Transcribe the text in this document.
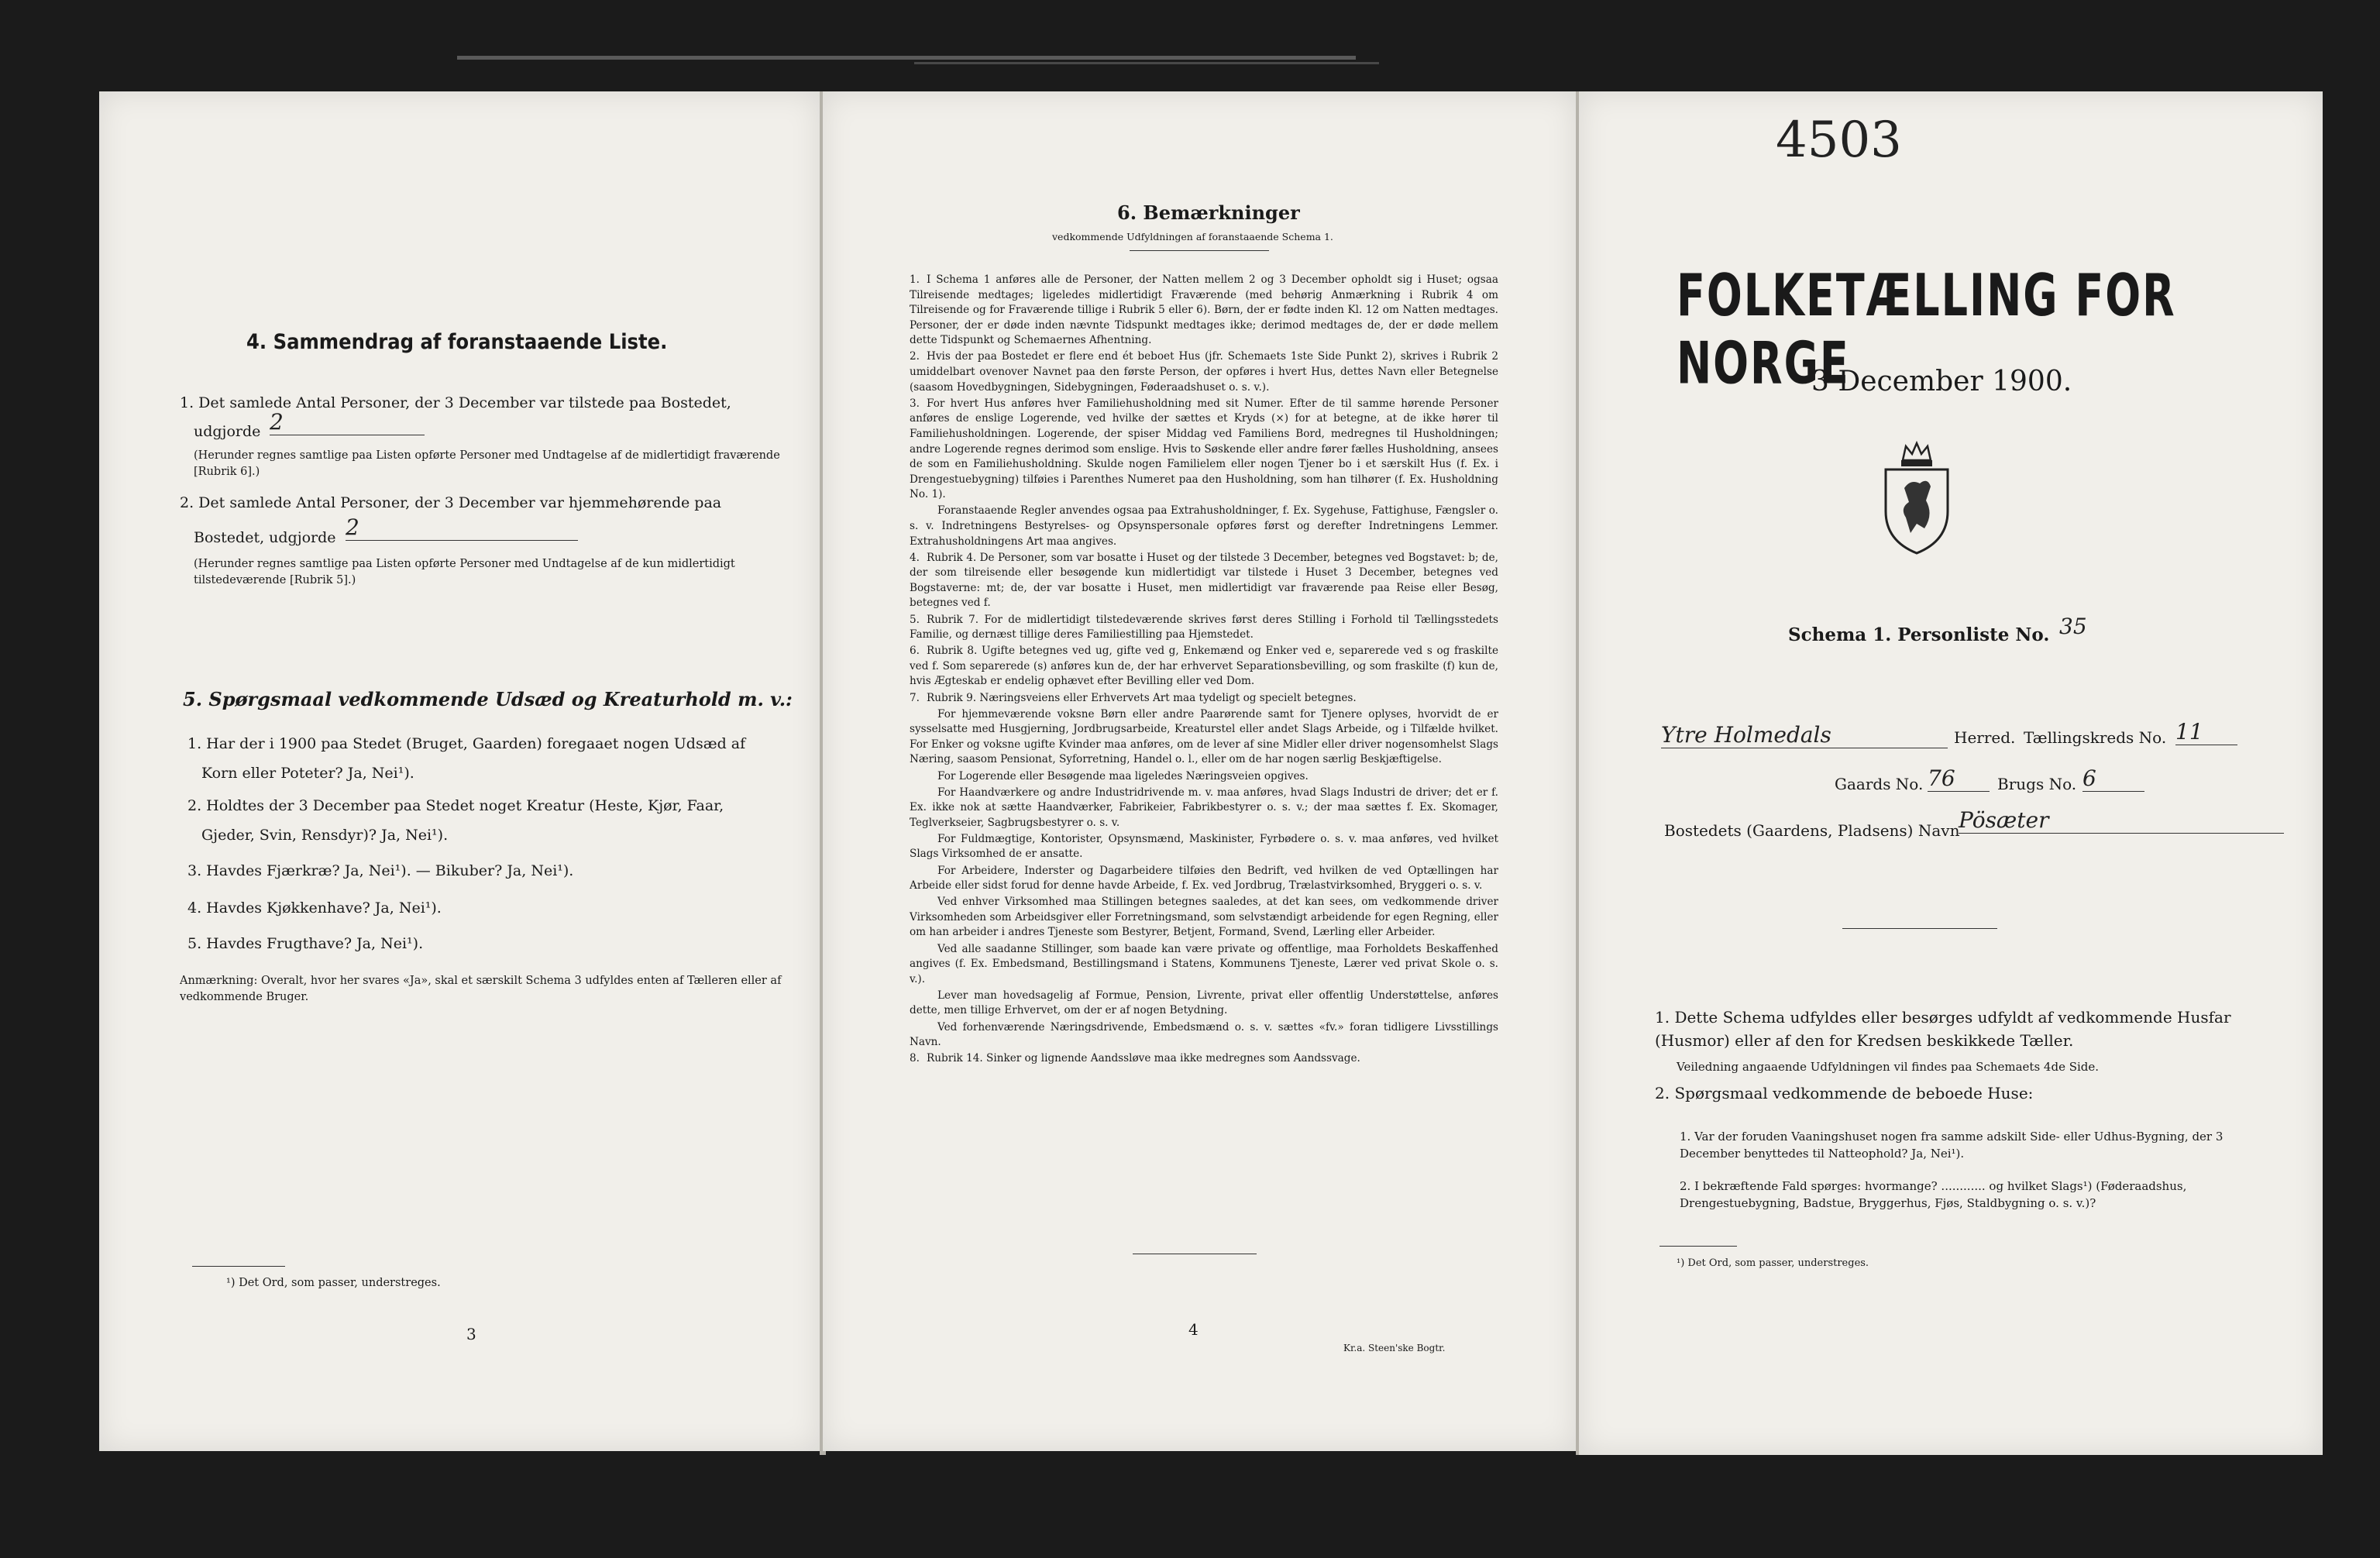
4. Sammendrag af foranstaaende Liste.
1. Det samlede Antal Personer, der 3 December var tilstede paa Bostedet,
udgjorde 2
(Herunder regnes samtlige paa Listen opførte Personer med Undtagelse af de midlertidigt fraværende [Rubrik 6].)
2. Det samlede Antal Personer, der 3 December var hjemmehørende paa
Bostedet, udgjorde 2
(Herunder regnes samtlige paa Listen opførte Personer med Undtagelse af de kun midlertidigt tilstedeværende [Rubrik 5].)
5. Spørgsmaal vedkommende Udsæd og Kreaturhold m. v.:
1. Har der i 1900 paa Stedet (Bruget, Gaarden) foregaaet nogen Udsæd af
Korn eller Poteter? Ja, Nei¹).
2. Holdtes der 3 December paa Stedet noget Kreatur (Heste, Kjør, Faar,
Gjeder, Svin, Rensdyr)? Ja, Nei¹).
3. Havdes Fjærkræ? Ja, Nei¹). — Bikuber? Ja, Nei¹).
4. Havdes Kjøkkenhave? Ja, Nei¹).
5. Havdes Frugthave? Ja, Nei¹).
Anmærkning: Overalt, hvor her svares «Ja», skal et særskilt Schema 3 udfyldes enten af Tælleren eller af vedkommende Bruger.
¹) Det Ord, som passer, understreges.
3
6. Bemærkninger
vedkommende Udfyldningen af foranstaaende Schema 1.

1. I Schema 1 anføres alle de Personer, der Natten mellem 2 og 3 December opholdt sig i Huset; ogsaa Tilreisende medtages; ligeledes midlertidigt Fraværende (med behørig Anmærkning i Rubrik 4 om Tilreisende og for Fraværende tillige i Rubrik 5 eller 6). Børn, der er fødte inden Kl. 12 om Natten medtages. Personer, der er døde inden nævnte Tidspunkt medtages ikke; derimod medtages de, der er døde mellem dette Tidspunkt og Schemaernes Afhentning.

2. Hvis der paa Bostedet er flere end ét beboet Hus (jfr. Schemaets 1ste Side Punkt 2), skrives i Rubrik 2 umiddelbart ovenover Navnet paa den første Person, der opføres i hvert Hus, dettes Navn eller Betegnelse (saasom Hovedbygningen, Sidebygningen, Føderaadshuset o. s. v.).

3. For hvert Hus anføres hver Familiehusholdning med sit Numer. Efter de til samme hørende Personer anføres de enslige Logerende, ved hvilke der sættes et Kryds (×) for at betegne, at de ikke hører til Familiehusholdningen. Logerende, der spiser Middag ved Familiens Bord, medregnes til Husholdningen; andre Logerende regnes derimod som enslige. Hvis to Søskende eller andre fører fælles Husholdning, ansees de som en Familiehusholdning. Skulde nogen Familielem eller nogen Tjener bo i et særskilt Hus (f. Ex. i Drengestuebygning) tilføies i Parenthes Numeret paa den Husholdning, som han tilhører (f. Ex. Husholdning No. 1).

Foranstaaende Regler anvendes ogsaa paa Extrahusholdninger, f. Ex. Sygehuse, Fattighuse, Fængsler o. s. v. Indretningens Bestyrelses- og Opsynspersonale opføres først og derefter Indretningens Lemmer. Extrahusholdningens Art maa angives.

4. Rubrik 4. De Personer, som var bosatte i Huset og der tilstede 3 December, betegnes ved Bogstavet: b; de, der som tilreisende eller besøgende kun midlertidigt var tilstede i Huset 3 December, betegnes ved Bogstaverne: mt; de, der var bosatte i Huset, men midlertidigt var fraværende paa Reise eller Besøg, betegnes ved f.

5. Rubrik 7. For de midlertidigt tilstedeværende skrives først deres Stilling i Forhold til Tællingsstedets Familie, og dernæst tillige deres Familiestilling paa Hjemstedet.

6. Rubrik 8. Ugifte betegnes ved ug, gifte ved g, Enkemænd og Enker ved e, separerede ved s og fraskilte ved f. Som separerede (s) anføres kun de, der har erhvervet Separationsbevilling, og som fraskilte (f) kun de, hvis Ægteskab er endelig ophævet efter Bevilling eller ved Dom.

7. Rubrik 9. Næringsveiens eller Erhvervets Art maa tydeligt og specielt betegnes.

For hjemmeværende voksne Børn eller andre Paarørende samt for Tjenere oplyses, hvorvidt de er sysselsatte med Husgjerning, Jordbrugsarbeide, Kreaturstel eller andet Slags Arbeide, og i Tilfælde hvilket. For Enker og voksne ugifte Kvinder maa anføres, om de lever af sine Midler eller driver nogensomhelst Slags Næring, saasom Pensionat, Syforretning, Handel o. l., eller om de har nogen særlig Beskjæftigelse.

For Logerende eller Besøgende maa ligeledes Næringsveien opgives.

For Haandværkere og andre Industridrivende m. v. maa anføres, hvad Slags Industri de driver; det er f. Ex. ikke nok at sætte Haandværker, Fabrikeier, Fabrikbestyrer o. s. v.; der maa sættes f. Ex. Skomager, Teglverkseier, Sagbrugsbestyrer o. s. v.

For Fuldmægtige, Kontorister, Opsynsmænd, Maskinister, Fyrbødere o. s. v. maa anføres, ved hvilket Slags Virksomhed de er ansatte.

For Arbeidere, Inderster og Dagarbeidere tilføies den Bedrift, ved hvilken de ved Optællingen har Arbeide eller sidst forud for denne havde Arbeide, f. Ex. ved Jordbrug, Trælastvirksomhed, Bryggeri o. s. v.

Ved enhver Virksomhed maa Stillingen betegnes saaledes, at det kan sees, om vedkommende driver Virksomheden som Arbeidsgiver eller Forretningsmand, som selvstændigt arbeidende for egen Regning, eller om han arbeider i andres Tjeneste som Bestyrer, Betjent, Formand, Svend, Lærling eller Arbeider.

Ved alle saadanne Stillinger, som baade kan være private og offentlige, maa Forholdets Beskaffenhed angives (f. Ex. Embedsmand, Bestillingsmand i Statens, Kommunens Tjeneste, Lærer ved privat Skole o. s. v.).

Lever man hovedsagelig af Formue, Pension, Livrente, privat eller offentlig Understøttelse, anføres dette, men tillige Erhvervet, om der er af nogen Betydning.

Ved forhenværende Næringsdrivende, Embedsmænd o. s. v. sættes «fv.» foran tidligere Livsstillings Navn.

8. Rubrik 14. Sinker og lignende Aandssløve maa ikke medregnes som Aandssvage.

4
Kr.a. Steen'ske Bogtr.
4503
FOLKETÆLLING FOR NORGE
3 December 1900.
Schema 1. Personliste No. 35
Ytre Holmedals	Herred. Tællingskreds No. 11
Gaards No. 76	Brugs No. 6
Bostedets (Gaardens, Pladsens) Navn
Pösæter
1. Dette Schema udfyldes eller besørges udfyldt af vedkommende Husfar (Husmor) eller af den for Kredsen beskikkede Tæller.
Veiledning angaaende Udfyldningen vil findes paa Schemaets 4de Side.
2. Spørgsmaal vedkommende de beboede Huse:
1. Var der foruden Vaaningshuset nogen fra samme adskilt Side- eller Udhus-Bygning, der 3 December benyttedes til Natteophold? Ja, Nei¹).
2. I bekræftende Fald spørges: hvormange? ............ og hvilket Slags¹) (Føderaadshus, Drengestuebygning, Badstue, Bryggerhus, Fjøs, Staldbygning o. s. v.)?
¹) Det Ord, som passer, understreges.
